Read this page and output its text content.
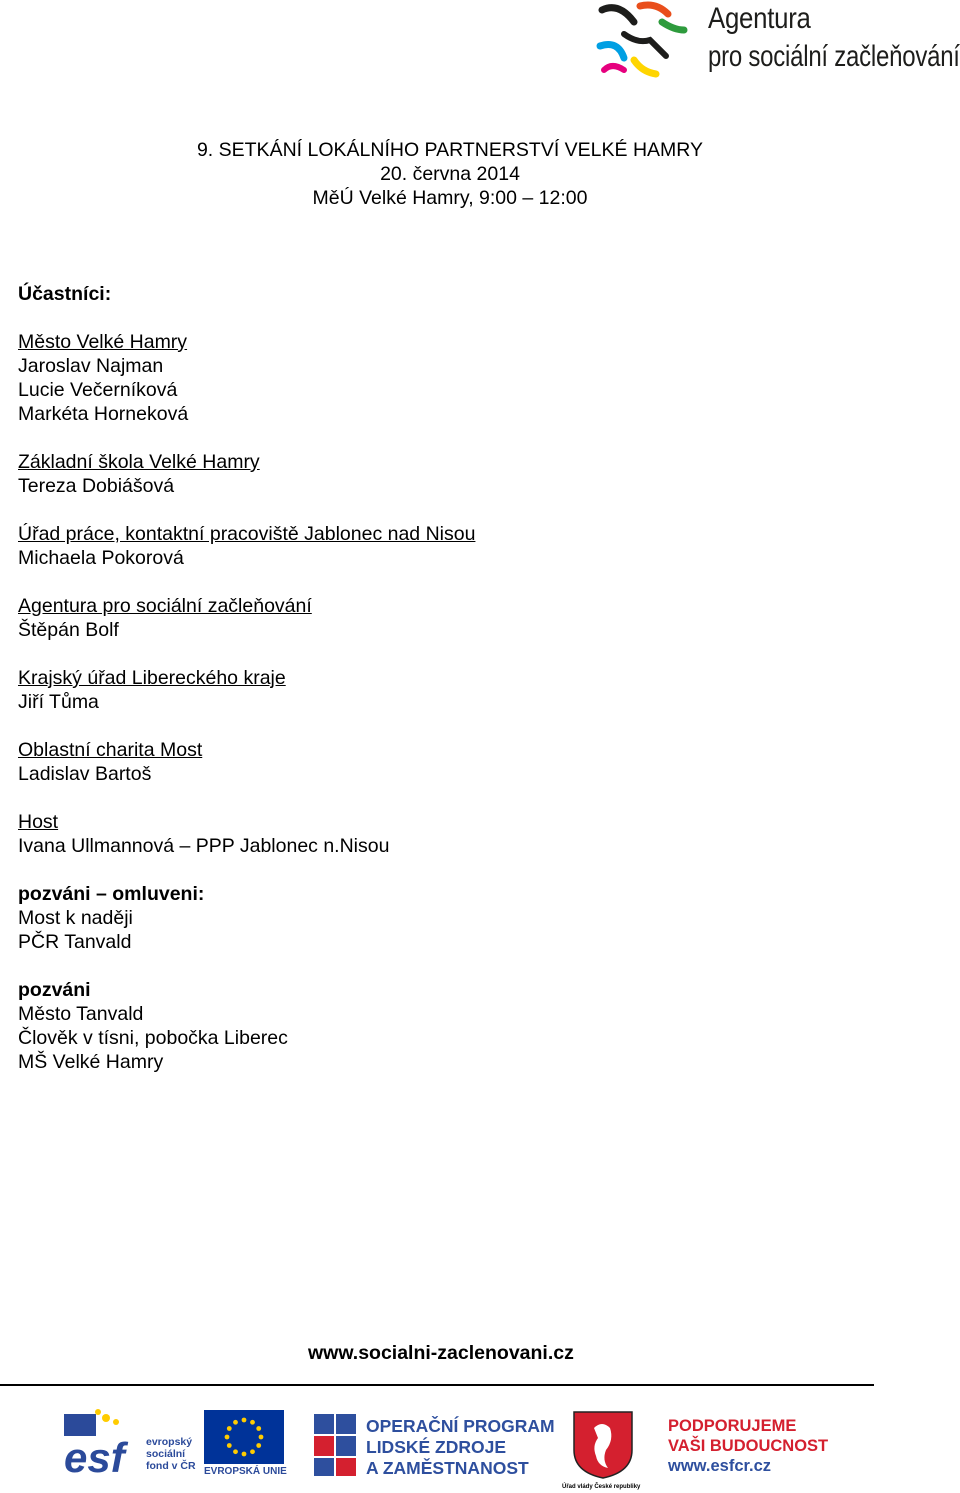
Agentura
pro sociální začleňování
9. SETKÁNÍ LOKÁLNÍHO PARTNERSTVÍ VELKÉ HAMRY
20. června 2014
MěÚ Velké Hamry, 9:00 – 12:00
Účastníci:
Město Velké Hamry
Jaroslav Najman
Lucie Večerníková
Markéta Horneková
Základní škola Velké Hamry
Tereza Dobiášová
Úřad práce, kontaktní pracoviště Jablonec nad Nisou
Michaela Pokorová
Agentura pro sociální začleňování
Štěpán Bolf
Krajský úřad Libereckého kraje
Jiří Tůma
Oblastní charita Most
Ladislav Bartoš
Host
Ivana Ullmannová – PPP Jablonec n.Nisou
pozváni – omluveni:
Most k naději
PČR Tanvald
pozváni
Město Tanvald
Člověk v tísni, pobočka Liberec
MŠ Velké Hamry
www.socialni-zaclenovani.cz
esf	evropský
sociální
fond v ČR EVROPSKÁ UNIE
OPERAČNÍ PROGRAM
LIDSKÉ ZDROJE
A ZAMĚSTNANOST
Úřad vlády České republiky
PODPORUJEME
VAŠI BUDOUCNOST
www.esfcr.cz
